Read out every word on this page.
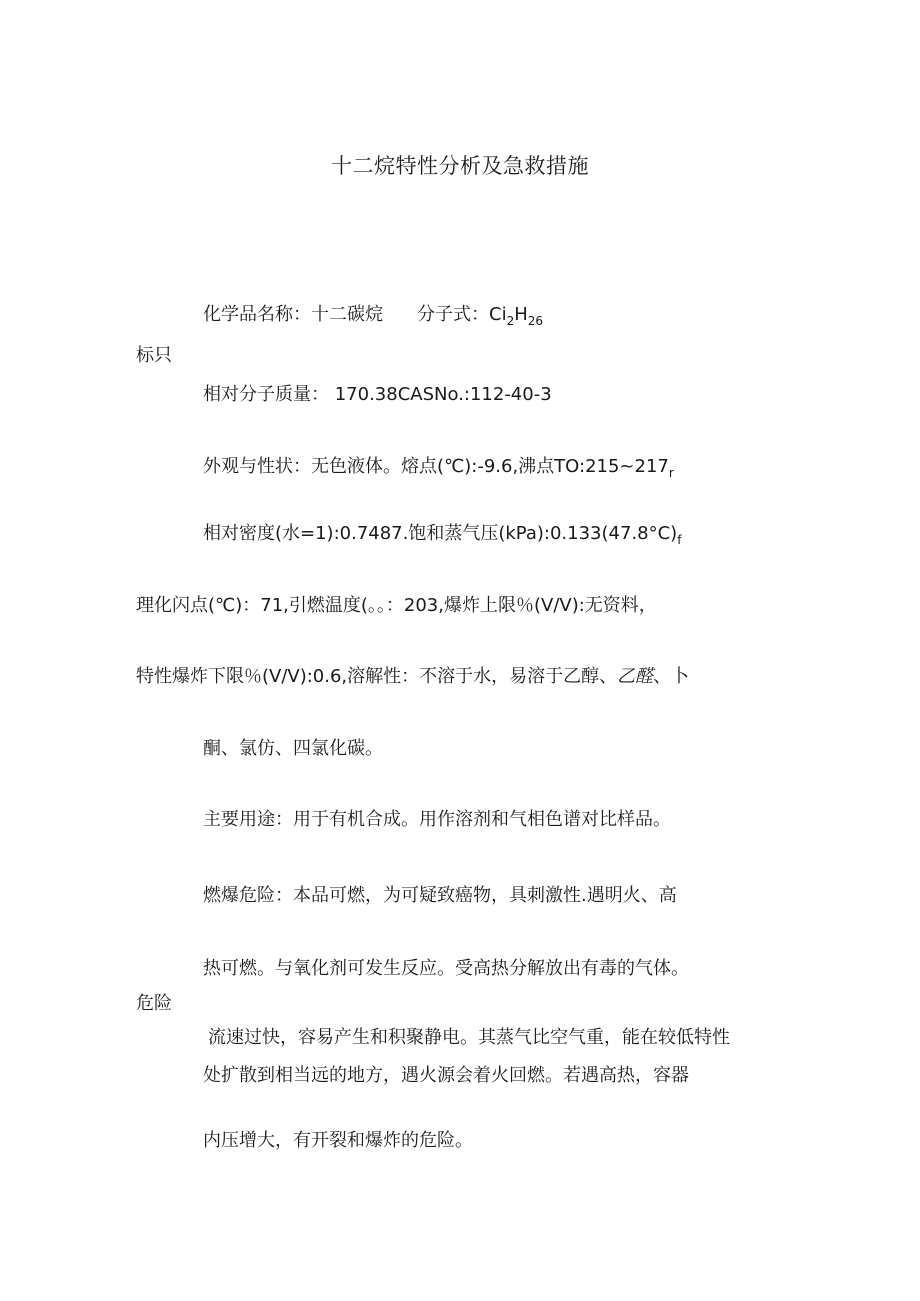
十二烷特性分析及急救措施
化学品名称：十二碳烷 分子式：$Ci_2H_{26}$
标只
相对分子质量： 170.38CASNo.:112-40-3
外观与性状：无色液体。熔点(℃):-9.6,沸点$TO:215\sim 217_r$
相对密度(水=1):0.7487.饱和蒸气压$(kPa):0.133(47.8^\circ C)_f$
理化闪点(℃)：71,引燃温度(。。：203,爆炸上限％(V∕V):无资料，
特性爆炸下限％(V∕V):0.6,溶解性：不溶于水，易溶于乙醇、乙醛、卜
酮、氯仿、四氯化碳。
主要用途：用于有机合成。用作溶剂和气相色谱对比样品。
燃爆危险：本品可燃，为可疑致癌物，具刺激性.遇明火、高
热可燃。与氧化剂可发生反应。受高热分解放出有毒的气体。
危险
流速过快，容易产生和积聚静电。其蒸气比空气重，能在较低特性
处扩散到相当远的地方，遇火源会着火回燃。若遇高热，容器
内压增大，有开裂和爆炸的危险。
